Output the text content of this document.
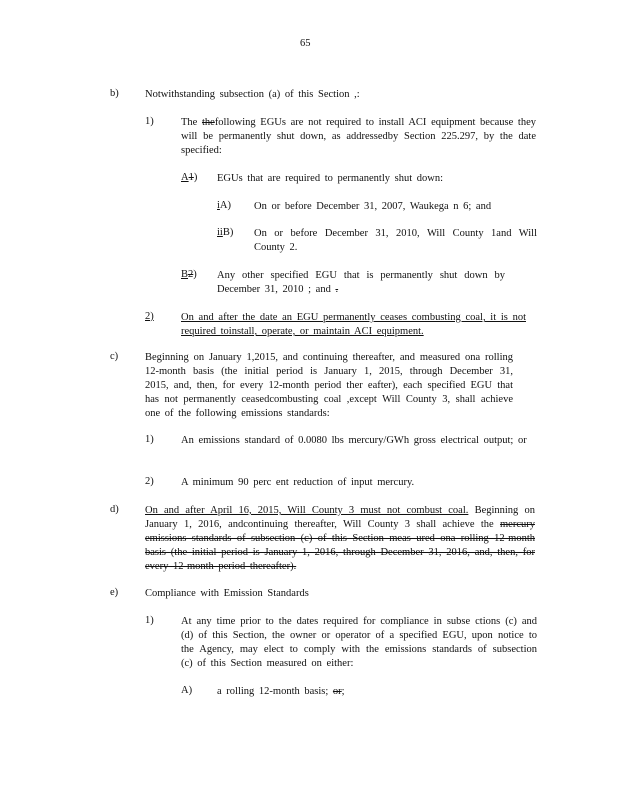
65
b)	Notwithstanding subsection (a) of this Section ,:
1)	The thefollowing EGUs are not required to install ACI equipment because they will be permanently shut down, as addressedby Section 225.297, by the date specified:
A1) EGUs that are required to permanently shut down:
iA) On or before December 31, 2007, Waukega n 6; and
iiB) On or before December 31, 2010, Will County 1and Will County 2.
B2) Any other specified EGU that is permanently shut down by December 31, 2010 ; and .
2)	On and after the date an EGU permanently ceases combusting coal, it is not required toinstall, operate, or maintain ACI equipment.
c)	Beginning on January 1,2015, and continuing thereafter, and measured ona rolling 12-month basis (the initial period is January 1, 2015, through December 31, 2015, and, then, for every 12-month period ther eafter), each specified EGU that has not permanently ceasedcombusting coal ,except Will County 3, shall achieve one of the following emissions standards:
1)	An emissions standard of 0.0080 lbs mercury/GWh gross electrical output; or
2)	A minimum 90 perc ent reduction of input mercury.
d)	On and after April 16, 2015, Will County 3 must not combust coal. Beginning on January 1, 2016, andcontinuing thereafter, Will County 3 shall achieve the mercury emissions standards of subsection (c) of this Section meas ured ona rolling 12-month basis (the initial period is January 1, 2016, through December 31, 2016, and, then, for every 12-month period thereafter).
e)	Compliance with Emission Standards
1)	At any time prior to the dates required for compliance in subse ctions (c) and (d) of this Section, the owner or operator of a specified EGU, upon notice to the Agency, may elect to comply with the emissions standards of subsection (c) of this Section measured on either:
A) a rolling 12-month basis; or;
